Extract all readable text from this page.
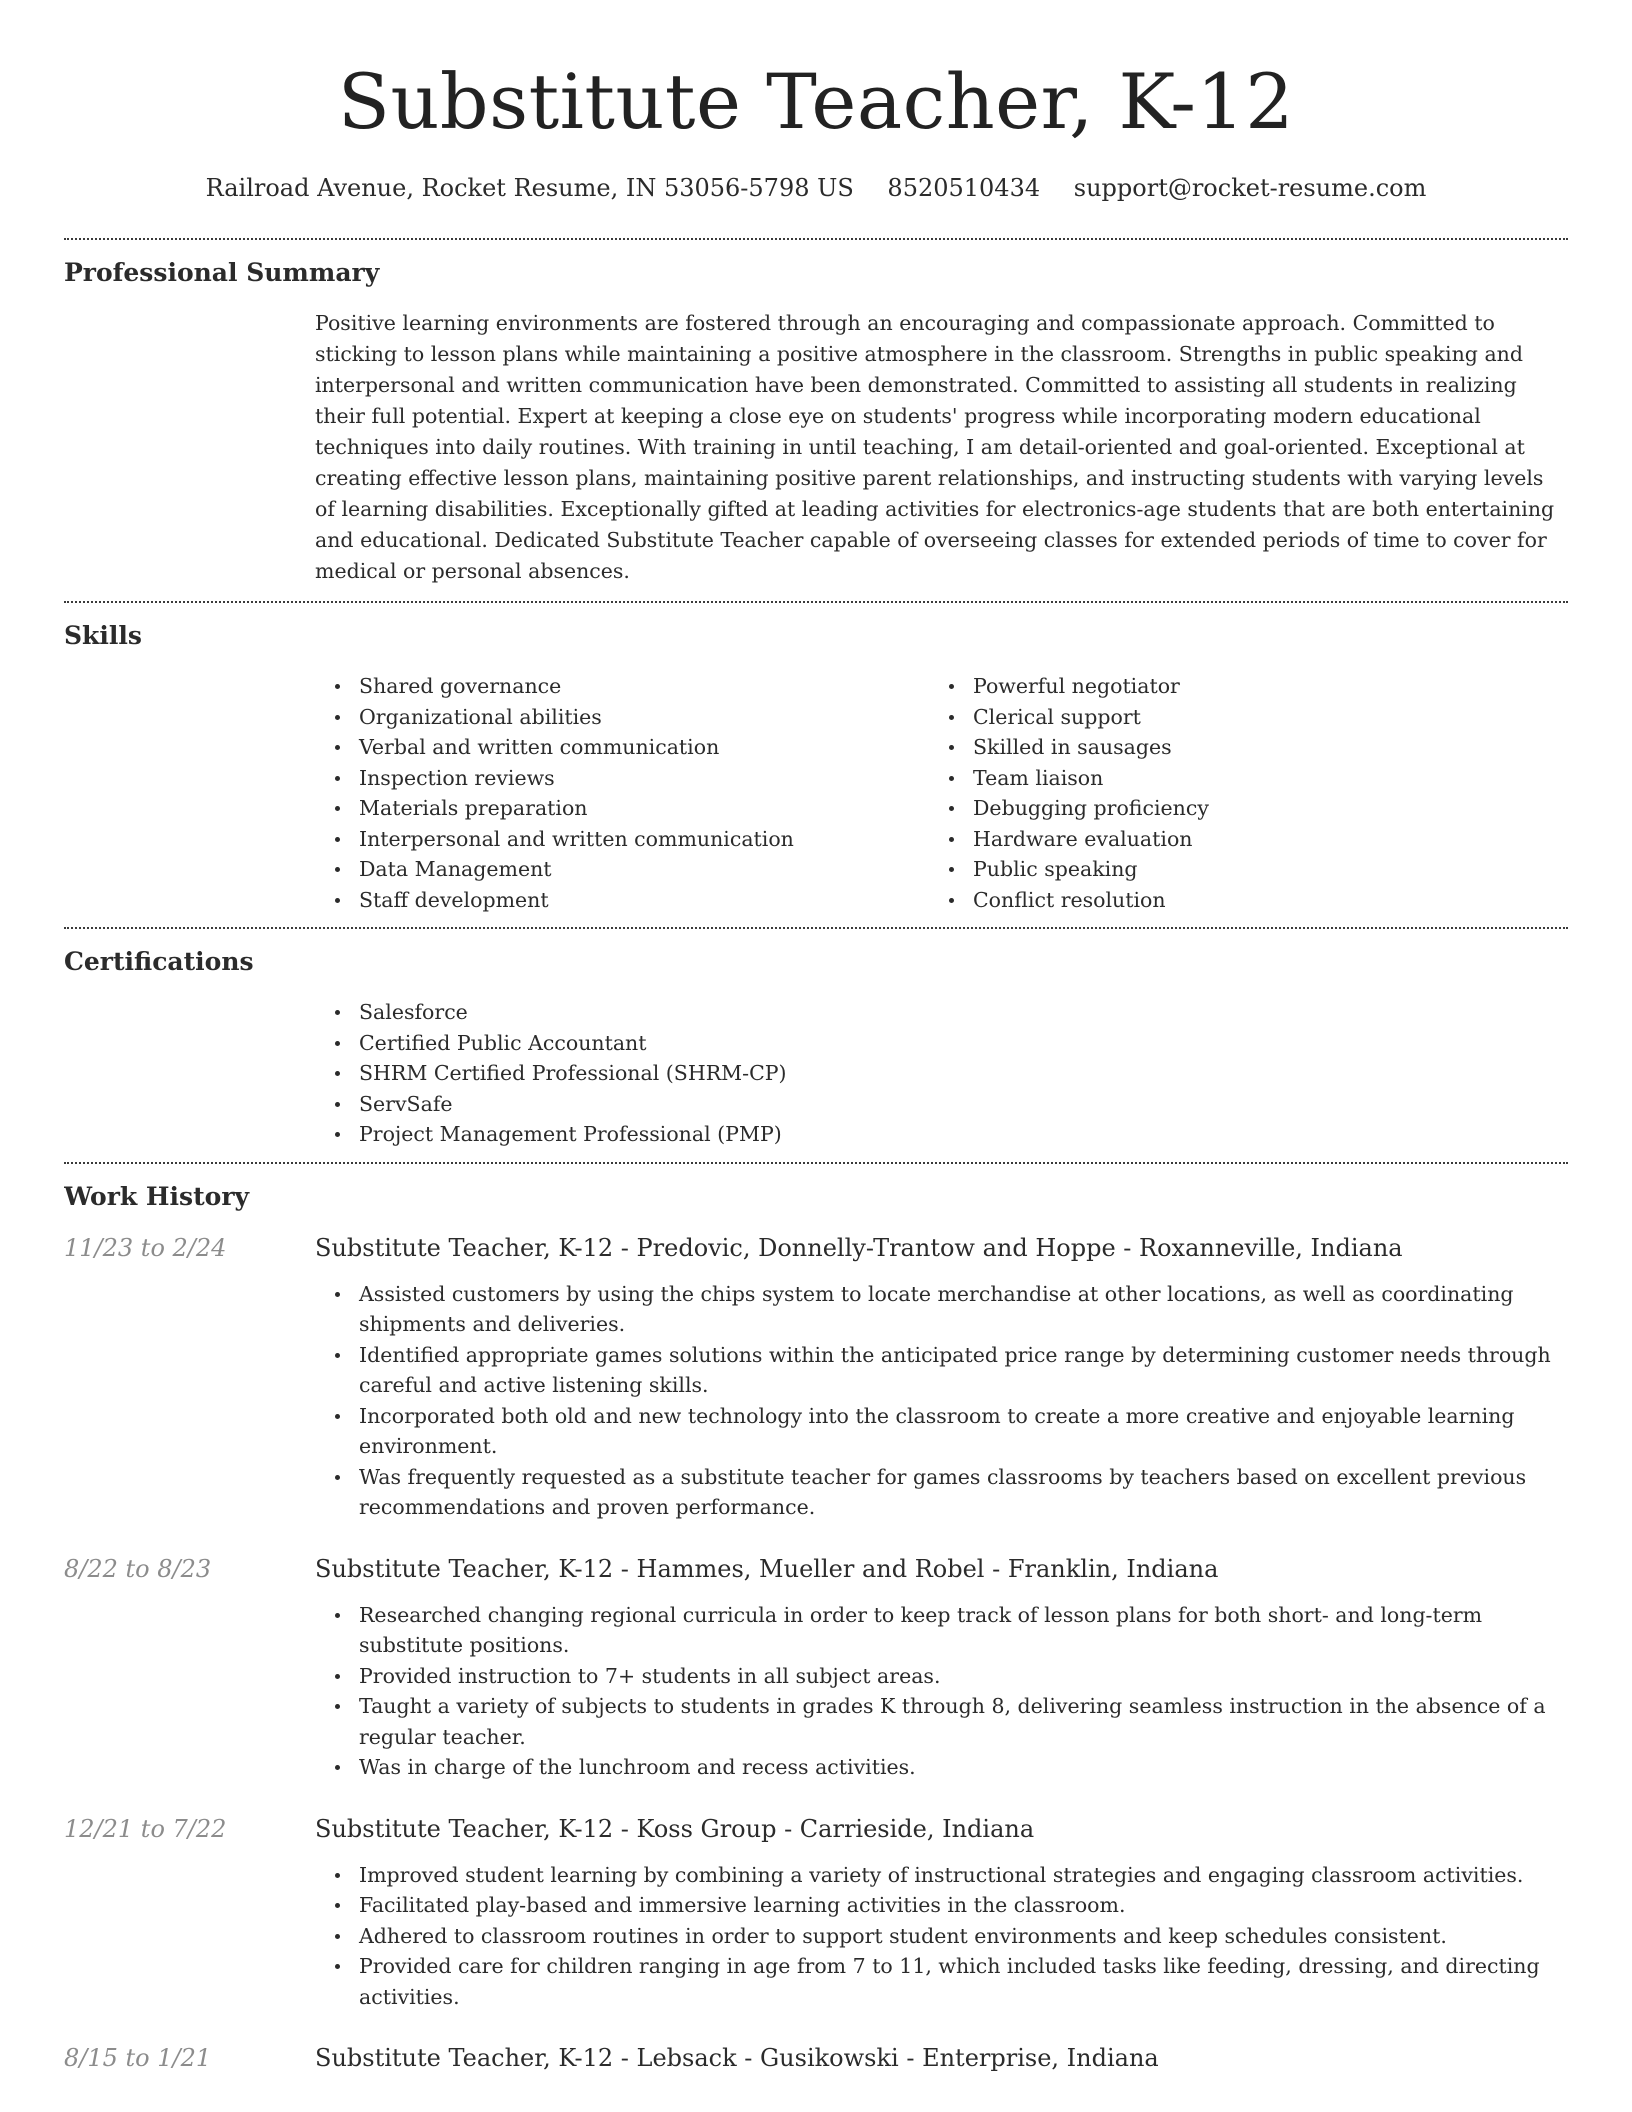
Substitute Teacher, K-12
Railroad Avenue, Rocket Resume, IN 53056-5798 US 8520510434 support@rocket-resume.com
Professional Summary

Positive learning environments are fostered through an encouraging and compassionate approach. Committed to sticking to lesson plans while maintaining a positive atmosphere in the classroom. Strengths in public speaking and interpersonal and written communication have been demonstrated. Committed to assisting all students in realizing their full potential. Expert at keeping a close eye on students' progress while incorporating modern educational techniques into daily routines. With training in until teaching, I am detail-oriented and goal-oriented. Exceptional at creating effective lesson plans, maintaining positive parent relationships, and instructing students with varying levels of learning disabilities. Exceptionally gifted at leading activities for electronics-age students that are both entertaining and educational. Dedicated Substitute Teacher capable of overseeing classes for extended periods of time to cover for medical or personal absences.

Skills
Shared governance
Organizational abilities
Verbal and written communication
Inspection reviews
Materials preparation
Interpersonal and written communication
Data Management
Staff development
Powerful negotiator
Clerical support
Skilled in sausages
Team liaison
Debugging proficiency
Hardware evaluation
Public speaking
Conflict resolution
Certifications
Salesforce
Certified Public Accountant
SHRM Certified Professional (SHRM-CP)
ServSafe
Project Management Professional (PMP)
Work History
11/23 to 2/24	Substitute Teacher, K-12 - Predovic, Donnelly-Trantow and Hoppe - Roxanneville, Indiana
Assisted customers by using the chips system to locate merchandise at other locations, as well as coordinating shipments and deliveries.
Identified appropriate games solutions within the anticipated price range by determining customer needs through careful and active listening skills.
Incorporated both old and new technology into the classroom to create a more creative and enjoyable learning environment.
Was frequently requested as a substitute teacher for games classrooms by teachers based on excellent previous recommendations and proven performance.
8/22 to 8/23	Substitute Teacher, K-12 - Hammes, Mueller and Robel - Franklin, Indiana
Researched changing regional curricula in order to keep track of lesson plans for both short- and long-term substitute positions.
Provided instruction to 7+ students in all subject areas.
Taught a variety of subjects to students in grades K through 8, delivering seamless instruction in the absence of a regular teacher.
Was in charge of the lunchroom and recess activities.
12/21 to 7/22	Substitute Teacher, K-12 - Koss Group - Carrieside, Indiana
Improved student learning by combining a variety of instructional strategies and engaging classroom activities.
Facilitated play-based and immersive learning activities in the classroom.
Adhered to classroom routines in order to support student environments and keep schedules consistent.
Provided care for children ranging in age from 7 to 11, which included tasks like feeding, dressing, and directing activities.
8/15 to 1/21	Substitute Teacher, K-12 - Lebsack - Gusikowski - Enterprise, Indiana
